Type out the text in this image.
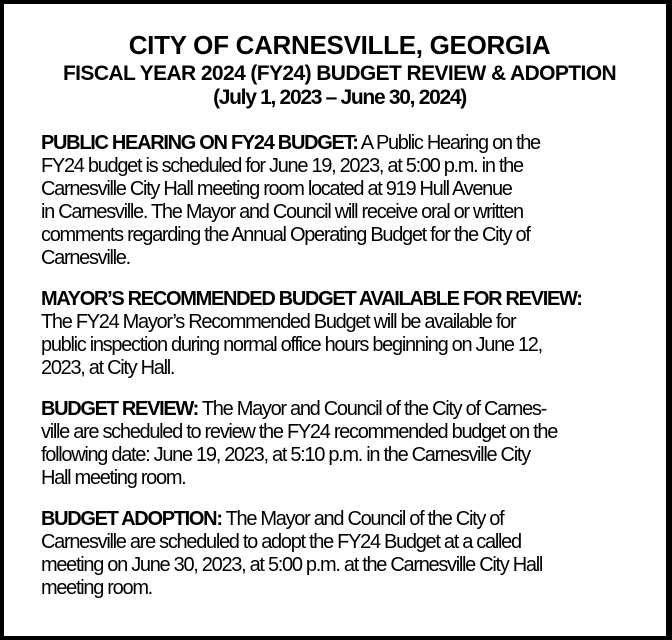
CITY OF CARNESVILLE, GEORGIA
FISCAL YEAR 2024 (FY24) BUDGET REVIEW & ADOPTION
(July 1, 2023 – June 30, 2024)
PUBLIC HEARING ON FY24 BUDGET: A Public Hearing on the
FY24 budget is scheduled for June 19, 2023, at 5:00 p.m. in the
Carnesville City Hall meeting room located at 919 Hull Avenue
in Carnesville. The Mayor and Council will receive oral or written
comments regarding the Annual Operating Budget for the City of
Carnesville.
MAYOR’S RECOMMENDED BUDGET AVAILABLE FOR REVIEW:
The FY24 Mayor’s Recommended Budget will be available for
public inspection during normal office hours beginning on June 12,
2023, at City Hall.
BUDGET REVIEW: The Mayor and Council of the City of Carnes-
ville are scheduled to review the FY24 recommended budget on the
following date: June 19, 2023, at 5:10 p.m. in the Carnesville City
Hall meeting room.
BUDGET ADOPTION: The Mayor and Council of the City of
Carnesville are scheduled to adopt the FY24 Budget at a called
meeting on June 30, 2023, at 5:00 p.m. at the Carnesville City Hall
meeting room.
